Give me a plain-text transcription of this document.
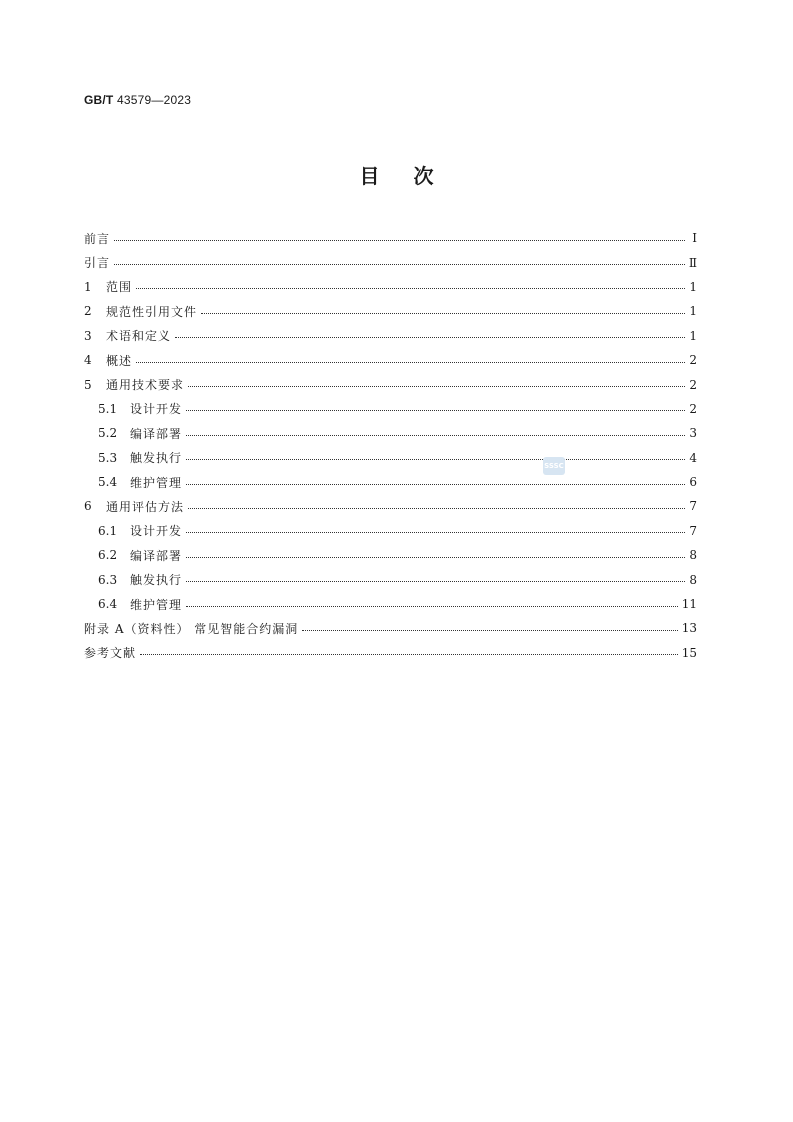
GB/T 43579—2023
目 次
前言	Ⅰ
引言	Ⅱ
1	范围	1
2	规范性引用文件	1
3	术语和定义	1
4	概述	2
5	通用技术要求	2
5.1	设计开发	2
5.2	编译部署	3
5.3	触发执行	4
5.4	维护管理	6
6	通用评估方法	7
6.1	设计开发	7
6.2	编译部署	8
6.3	触发执行	8
6.4	维护管理	11
附录 A（资料性） 常见智能合约漏洞	13
参考文献	15
SSSC
